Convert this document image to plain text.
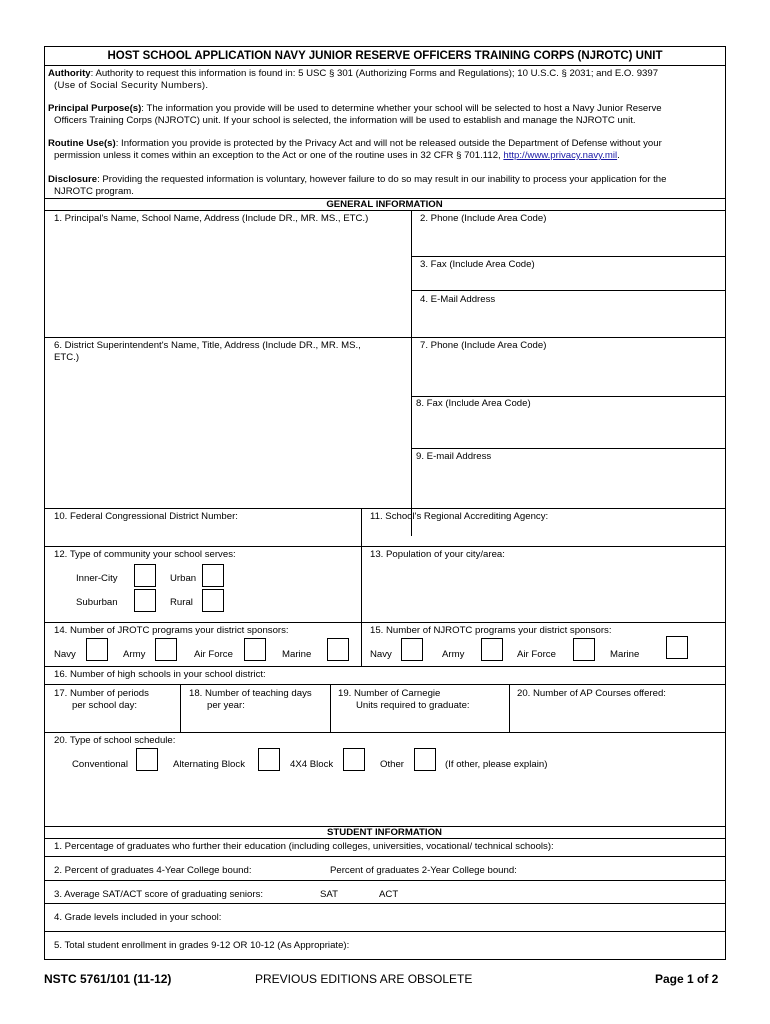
HOST SCHOOL APPLICATION NAVY JUNIOR RESERVE OFFICERS TRAINING CORPS (NJROTC) UNIT
Authority: Authority to request this information is found in: 5 USC § 301 (Authorizing Forms and Regulations); 10 U.S.C. § 2031; and E.O. 9397
(Use of Social Security Numbers).
Principal Purpose(s): The information you provide will be used to determine whether your school will be selected to host a Navy Junior Reserve
Officers Training Corps (NJROTC) unit. If your school is selected, the information will be used to establish and manage the NJROTC unit.
Routine Use(s): Information you provide is protected by the Privacy Act and will not be released outside the Department of Defense without your
permission unless it comes within an exception to the Act or one of the routine uses in 32 CFR § 701.112, http://www.privacy.navy.mil.
Disclosure: Providing the requested information is voluntary, however failure to do so may result in our inability to process your application for the
NJROTC program.
GENERAL INFORMATION
1. Principal's Name, School Name, Address (Include DR., MR. MS., ETC.)	2. Phone (Include Area Code)
3. Fax (Include Area Code)
4. E-Mail Address
6. District Superintendent's Name, Title, Address (Include DR., MR. MS.,
ETC.)
7. Phone (Include Area Code)
8. Fax (Include Area Code)
9. E-mail Address
10. Federal Congressional District Number:	11. School's Regional Accrediting Agency:
12. Type of community your school serves:	13. Population of your city/area:
Inner-City	Urban
Suburban	Rural
14. Number of JROTC programs your district sponsors:	15. Number of NJROTC programs your district sponsors:
Navy	Army	Air Force	Marine	Navy	Army	Air Force	Marine
16. Number of high schools in your school district:
17. Number of periods
per school day:
18. Number of teaching days
per year:
19. Number of Carnegie
Units required to graduate:
20. Number of AP Courses offered:
20. Type of school schedule:
Conventional	Alternating Block	4X4 Block	Other	(If other, please explain)
STUDENT INFORMATION
1. Percentage of graduates who further their education (including colleges, universities, vocational/ technical schools):
2. Percent of graduates 4-Year College bound:	Percent of graduates 2-Year College bound:
3. Average SAT/ACT score of graduating seniors:	SAT	ACT
4. Grade levels included in your school:
5. Total student enrollment in grades 9-12 OR 10-12 (As Appropriate):
NSTC 5761/101 (11-12)	PREVIOUS EDITIONS ARE OBSOLETE	Page 1 of 2
